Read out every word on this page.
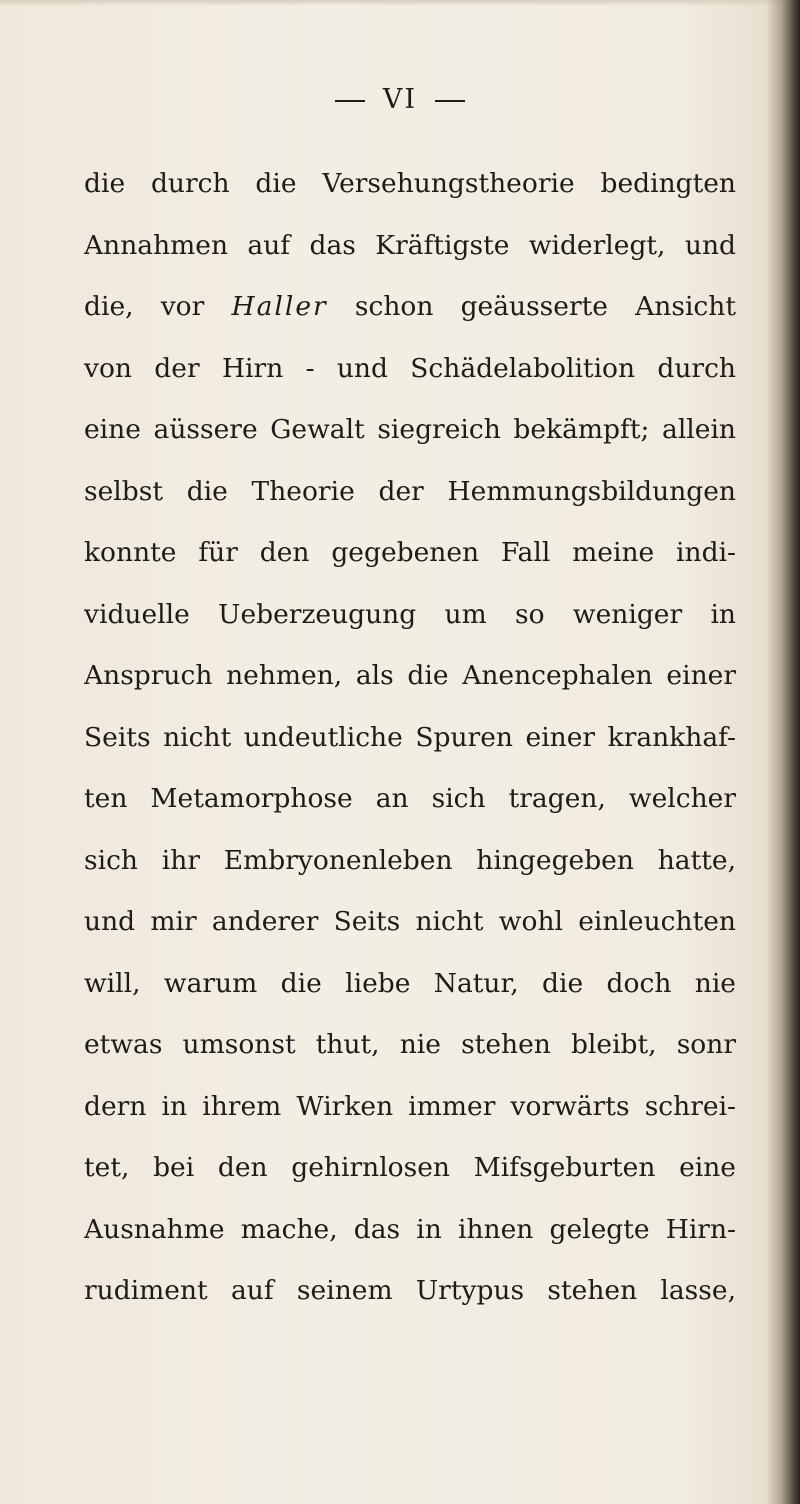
VI
die durch die Versehungstheorie bedingten
Annahmen auf das Kräftigste widerlegt, und
die, vor Haller schon geäusserte Ansicht
von der Hirn - und Schädelabolition durch
eine aüssere Gewalt siegreich bekämpft; allein
selbst die Theorie der Hemmungsbildungen
konnte für den gegebenen Fall meine indi-
viduelle Ueberzeugung um so weniger in
Anspruch nehmen, als die Anencephalen einer
Seits nicht undeutliche Spuren einer krankhaf-
ten Metamorphose an sich tragen, welcher
sich ihr Embryonenleben hingegeben hatte,
und mir anderer Seits nicht wohl einleuchten
will, warum die liebe Natur, die doch nie
etwas umsonst thut, nie stehen bleibt, sonr
dern in ihrem Wirken immer vorwärts schrei-
tet, bei den gehirnlosen Mifsgeburten eine
Ausnahme mache, das in ihnen gelegte Hirn-
rudiment auf seinem Urtypus stehen lasse,
